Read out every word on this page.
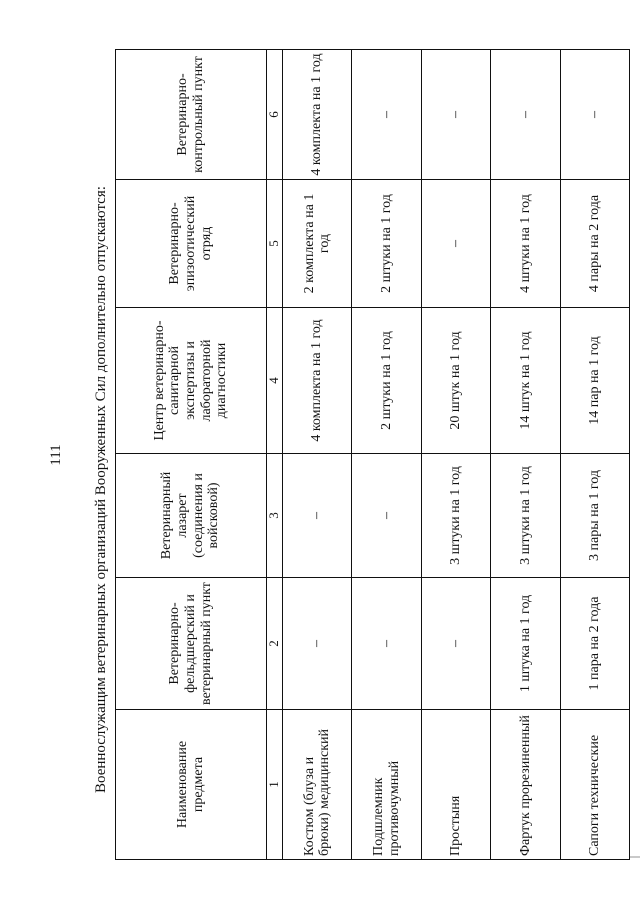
111 Военнослужащим ветеринарных организаций Вооруженных Сил дополнительно отпускаются:	Наименование предмета	Ветеринарно-фельдшерский и ветеринарный пункт	Ветеринарный лазарет (соединения и войсковой)	Центр ветеринарно-санитарной экспертизы и лабораторной диагностики	Ветеринарно-эпизоотический отряд	Ветеринарно-контрольный пункт
1	2	3	4	5	6
Костюм (блуза и брюки) медицинский	–	–	4 комплекта на 1 год	2 комплекта на 1 год	4 комплекта на 1 год
Подшлемник противочумный	–	–	2 штуки на 1 год	2 штуки на 1 год	–
Простыня	–	3 штуки на 1 год	20 штук на 1 год	–	–
Фартук прорезиненный	1 штука на 1 год	3 штуки на 1 год	14 штук на 1 год	4 штуки на 1 год	–
Сапоги технические	1 пара на 2 года	3 пары на 1 год	14 пар на 1 год	4 пары на 2 года	–
